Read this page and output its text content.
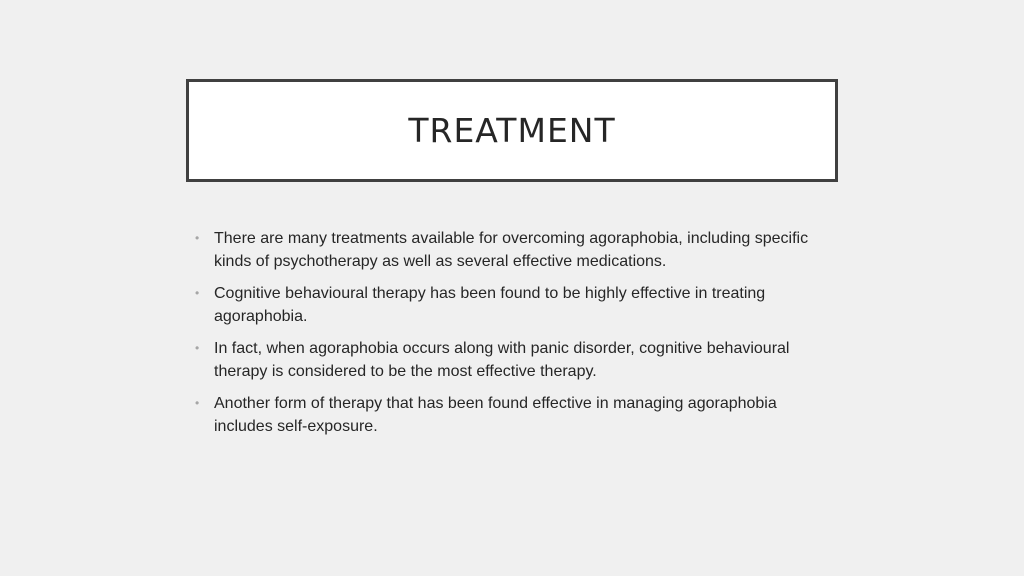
TREATMENT
• There are many treatments available for overcoming agoraphobia, including specific kinds of psychotherapy as well as several effective medications.
• Cognitive behavioural therapy has been found to be highly effective in treating agoraphobia.
• In fact, when agoraphobia occurs along with panic disorder, cognitive behavioural therapy is considered to be the most effective therapy.
• Another form of therapy that has been found effective in managing agoraphobia includes self-exposure.
